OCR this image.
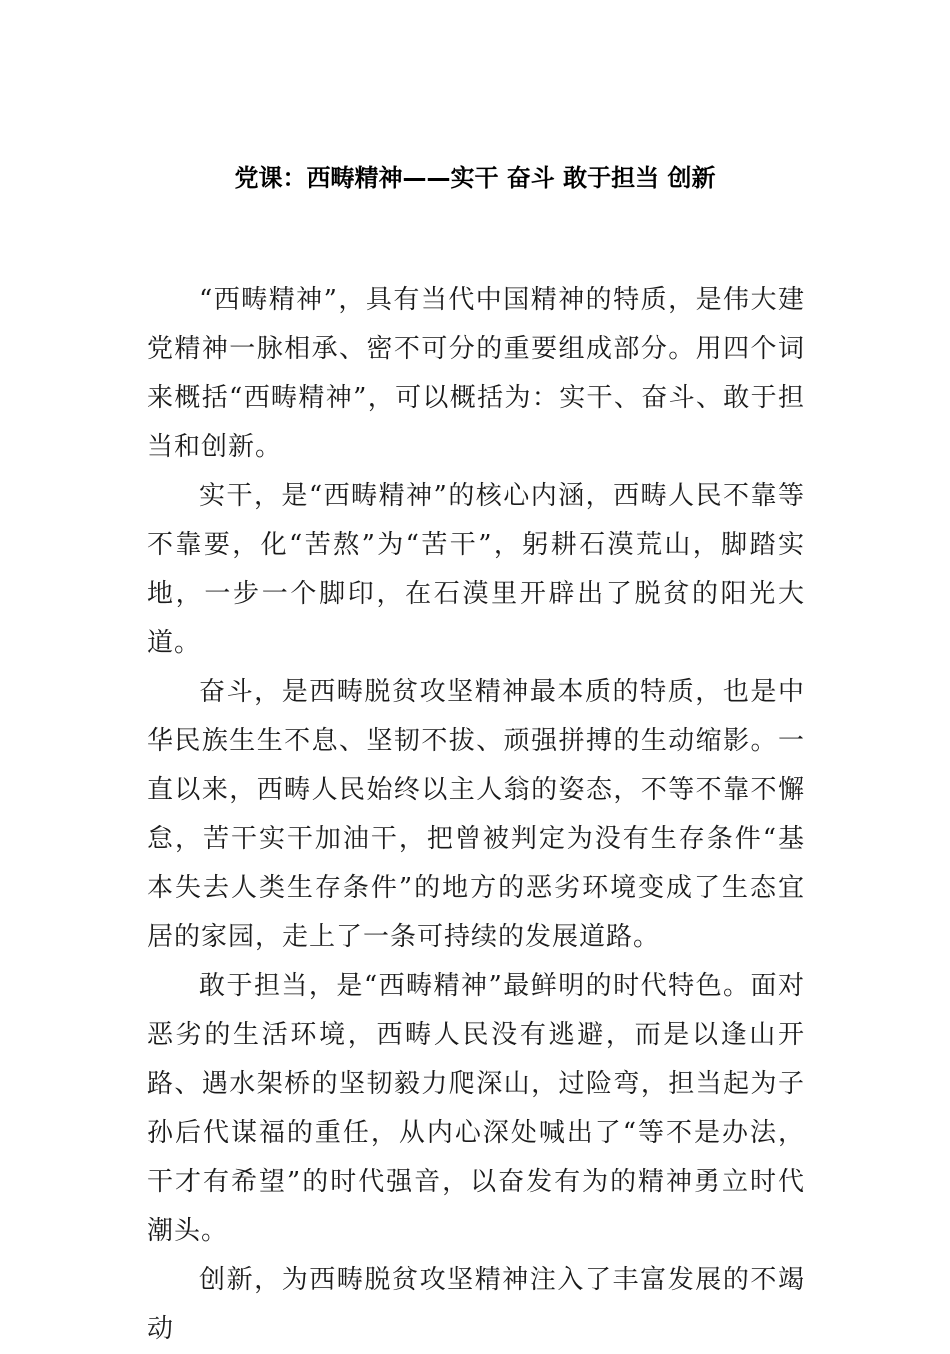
党课：西畴精神——实干 奋斗 敢于担当 创新

“西畴精神”，具有当代中国精神的特质，是伟大建党精神一脉相承、密不可分的重要组成部分。用四个词来概括“西畴精神”，可以概括为：实干、奋斗、敢于担当和创新。

实干，是“西畴精神”的核心内涵，西畴人民不靠等不靠要，化“苦熬”为“苦干”，躬耕石漠荒山，脚踏实地，一步一个脚印，在石漠里开辟出了脱贫的阳光大道。

奋斗，是西畴脱贫攻坚精神最本质的特质，也是中华民族生生不息、坚韧不拔、顽强拼搏的生动缩影。一直以来，西畴人民始终以主人翁的姿态，不等不靠不懈怠，苦干实干加油干，把曾被判定为没有生存条件“基本失去人类生存条件”的地方的恶劣环境变成了生态宜居的家园，走上了一条可持续的发展道路。

敢于担当，是“西畴精神”最鲜明的时代特色。面对恶劣的生活环境，西畴人民没有逃避，而是以逢山开路、遇水架桥的坚韧毅力爬深山，过险弯，担当起为子孙后代谋福的重任，从内心深处喊出了“等不是办法，干才有希望”的时代强音，以奋发有为的精神勇立时代潮头。

创新，为西畴脱贫攻坚精神注入了丰富发展的不竭动
